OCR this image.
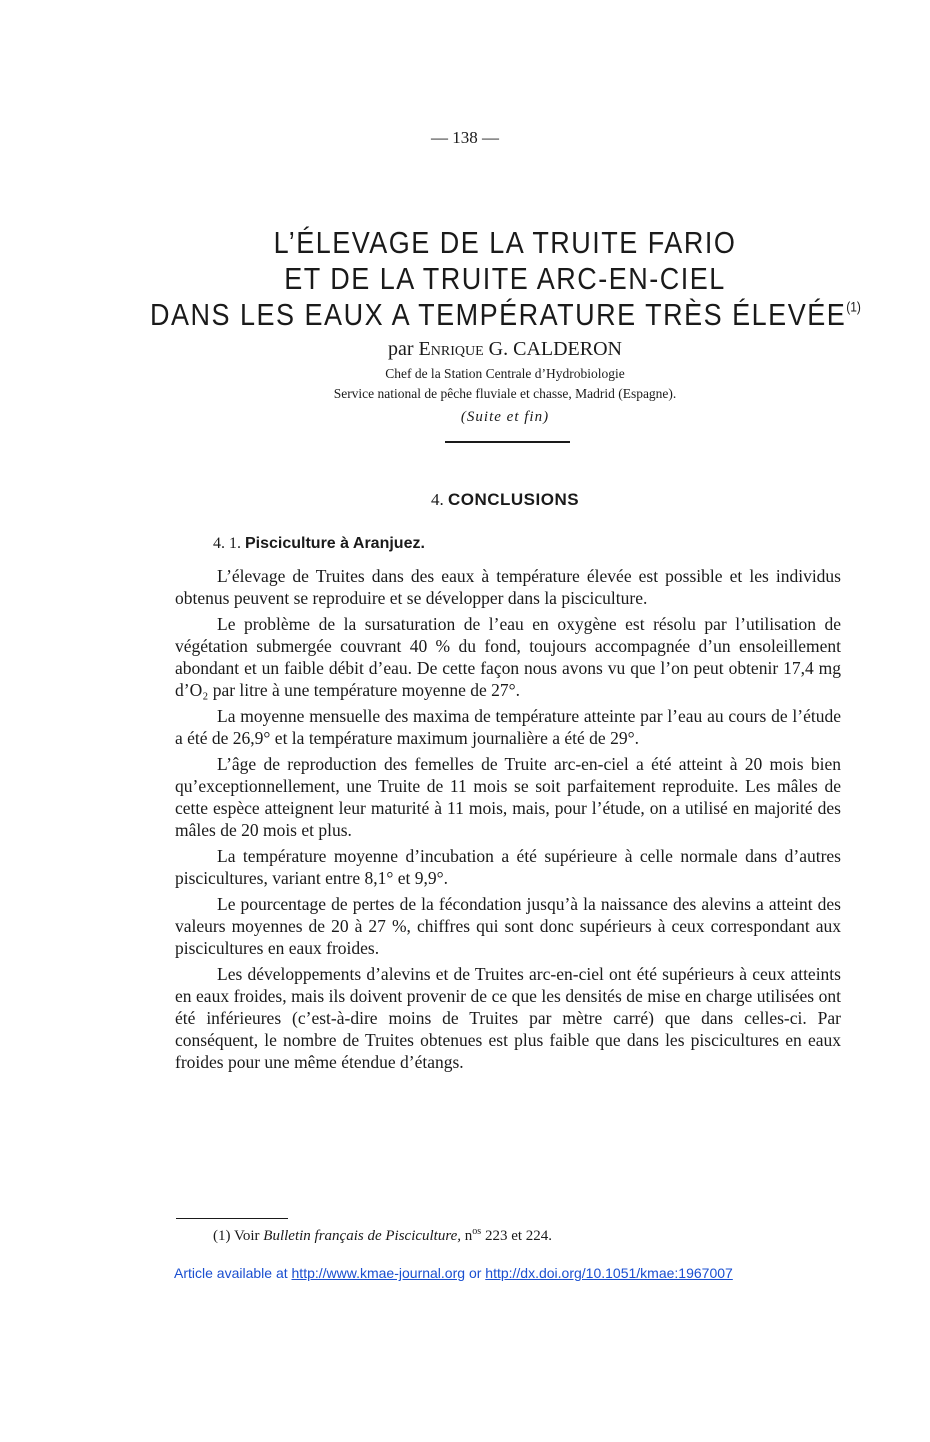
— 138 —
L’ÉLEVAGE DE LA TRUITE FARIO
ET DE LA TRUITE ARC-EN-CIEL
DANS LES EAUX A TEMPÉRATURE TRÈS ÉLEVÉE$^{(1)}$
par Enrique G. CALDERON
Chef de la Station Centrale d’Hydrobiologie
Service national de pêche fluviale et chasse, Madrid (Espagne).
(Suite et fin)
4. CONCLUSIONS
4. 1. Pisciculture à Aranjuez.

L’élevage de Truites dans des eaux à température élevée est possible et les individus obtenus peuvent se reproduire et se développer dans la pisciculture.

Le problème de la sursaturation de l’eau en oxygène est résolu par l’utilisation de végétation submergée couvrant 40 % du fond, toujours accompagnée d’un ensoleillement abondant et un faible débit d’eau. De cette façon nous avons vu que l’on peut obtenir 17,4 mg d’O₂ par litre à une température moyenne de 27°.

La moyenne mensuelle des maxima de température atteinte par l’eau au cours de l’étude a été de 26,9° et la température maximum journalière a été de 29°.

L’âge de reproduction des femelles de Truite arc-en-ciel a été atteint à 20 mois bien qu’exceptionnellement, une Truite de 11 mois se soit parfaitement reproduite. Les mâles de cette espèce atteignent leur maturité à 11 mois, mais, pour l’étude, on a utilisé en majorité des mâles de 20 mois et plus.

La température moyenne d’incubation a été supérieure à celle normale dans d’autres piscicultures, variant entre 8,1° et 9,9°.

Le pourcentage de pertes de la fécondation jusqu’à la naissance des alevins a atteint des valeurs moyennes de 20 à 27 %, chiffres qui sont donc supérieurs à ceux correspondant aux piscicultures en eaux froides.

Les développements d’alevins et de Truites arc-en-ciel ont été supérieurs à ceux atteints en eaux froides, mais ils doivent provenir de ce que les densités de mise en charge utilisées ont été inférieures (c’est-à-dire moins de Truites par mètre carré) que dans celles-ci. Par conséquent, le nombre de Truites obtenues est plus faible que dans les piscicultures en eaux froides pour une même étendue d’étangs.

(1) Voir Bulletin français de Pisciculture, $n^{os}$ 223 et 224.
Article available at http://www.kmae-journal.org or http://dx.doi.org/10.1051/kmae:1967007
